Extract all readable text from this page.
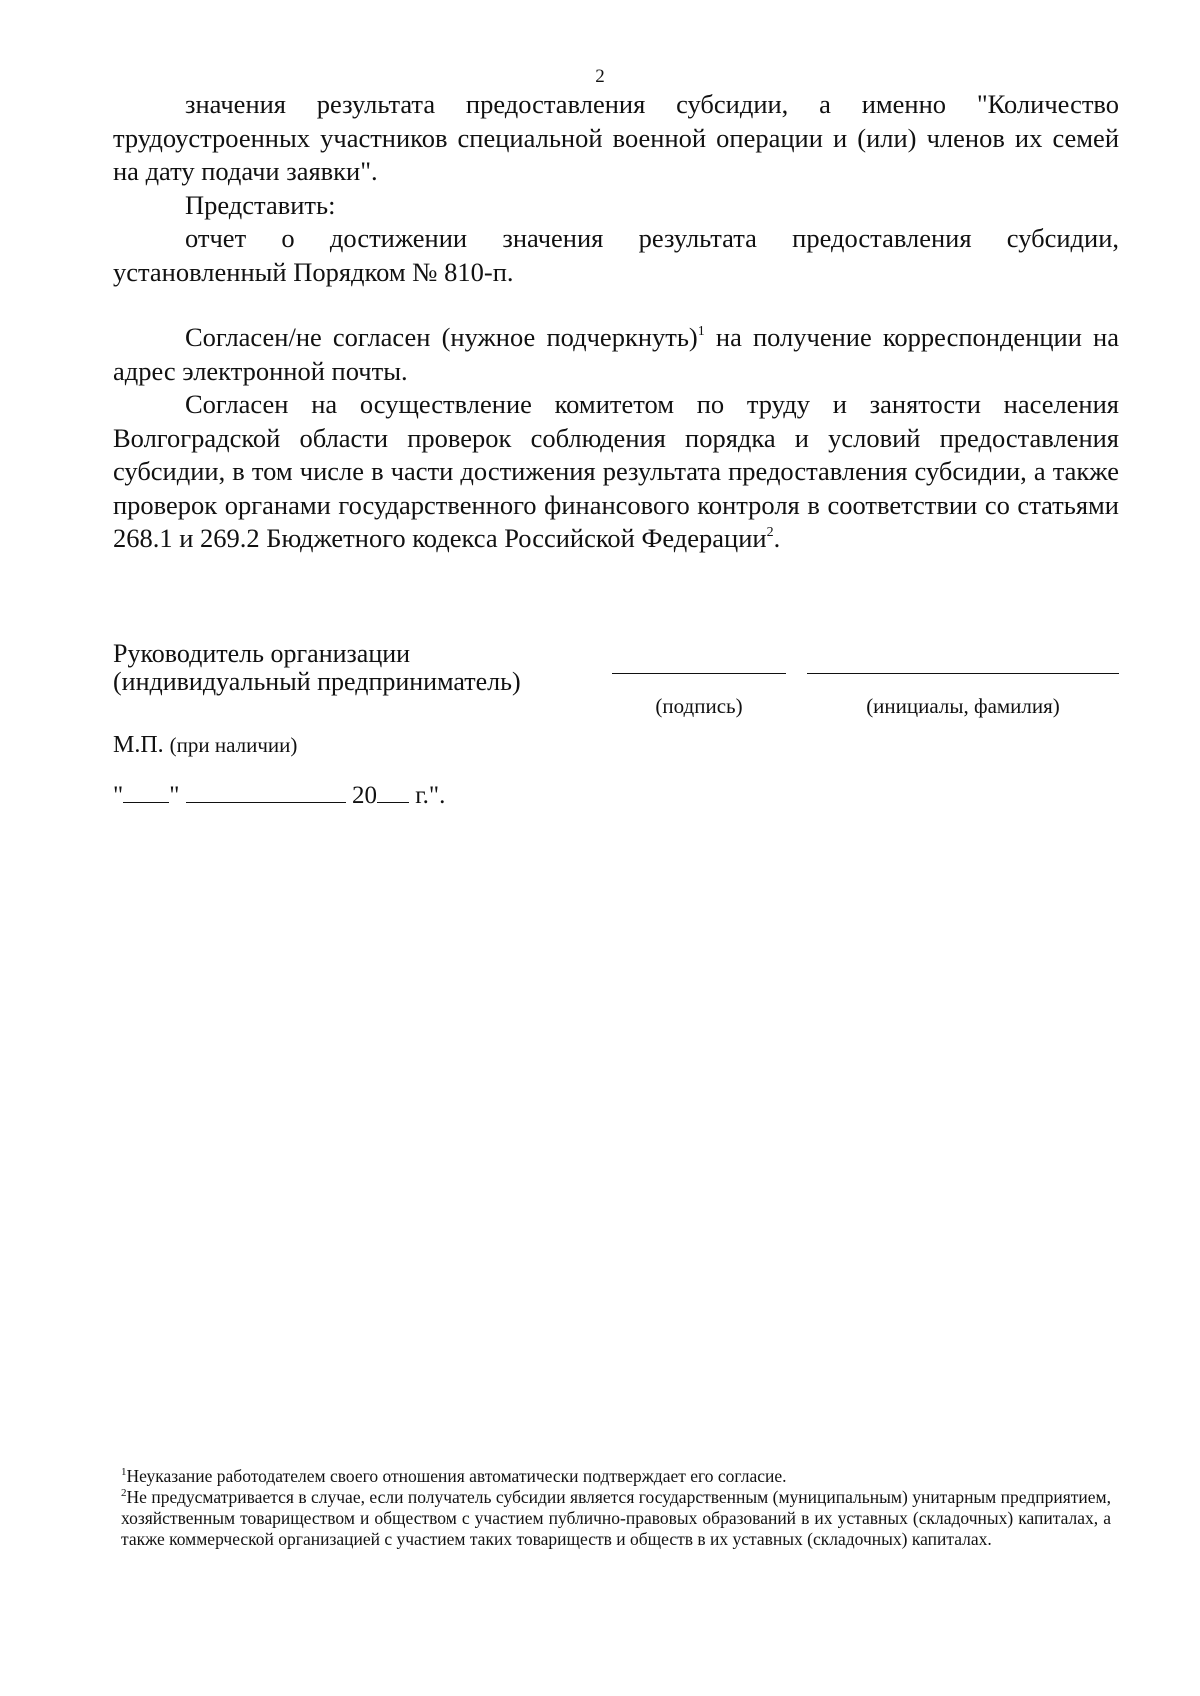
2

значения результата предоставления субсидии, а именно "Количество трудоустроенных участников специальной военной операции и (или) членов их семей на дату подачи заявки".

Представить:

отчет о достижении значения результата предоставления субсидии, установленный Порядком № 810-п.

Согласен/не согласен (нужное подчеркнуть)$^1$ на получение корреспонденции на адрес электронной почты.

Согласен на осуществление комитетом по труду и занятости населения Волгоградской области проверок соблюдения порядка и условий предоставления субсидии, в том числе в части достижения результата предоставления субсидии, а также проверок органами государственного финансового контроля в соответствии со статьями 268.1 и 269.2 Бюджетного кодекса Российской Федерации$^2$.

Руководитель организации
(индивидуальный предприниматель)
(подпись)	(инициалы, фамилия)
М.П. (при наличии)
" "	20 г.".

$^1$Неуказание работодателем своего отношения автоматически подтверждает его согласие.

$^2$Не предусматривается в случае, если получатель субсидии является государственным (муниципальным) унитарным предприятием, хозяйственным товариществом и обществом с участием публично-правовых образований в их уставных (складочных) капиталах, а также коммерческой организацией с участием таких товариществ и обществ в их уставных (складочных) капиталах.
